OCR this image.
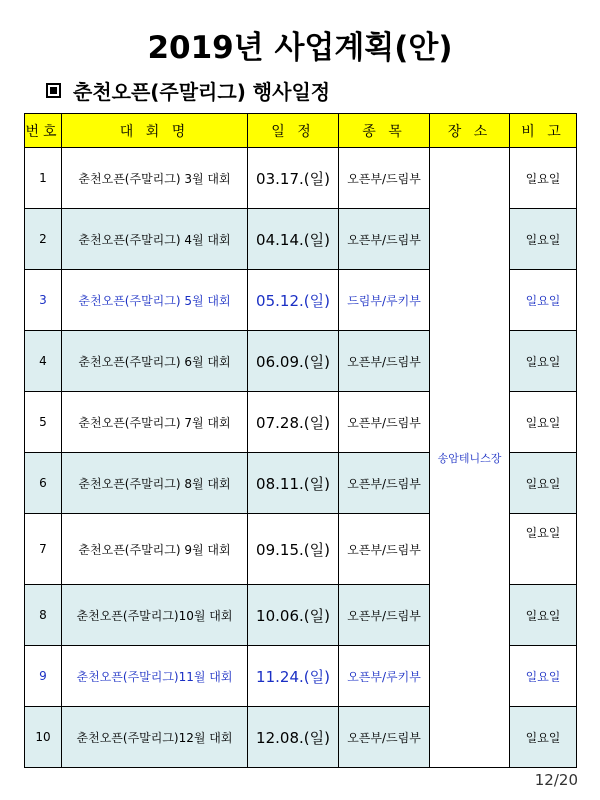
2019년 사업계획(안)
춘천오픈(주말리그) 행사일정
번호	대 회 명	일 정	종 목	장 소	비 고
1	춘천오픈(주말리그) 3월 대회	03.17.(일)	오픈부/드림부	송암테니스장	일요일
2	춘천오픈(주말리그) 4월 대회	04.14.(일)	오픈부/드림부		일요일
3	춘천오픈(주말리그) 5월 대회	05.12.(일)	드림부/루키부		일요일
4	춘천오픈(주말리그) 6월 대회	06.09.(일)	오픈부/드림부		일요일
5	춘천오픈(주말리그) 7월 대회	07.28.(일)	오픈부/드림부		일요일
6	춘천오픈(주말리그) 8월 대회	08.11.(일)	오픈부/드림부		일요일
7	춘천오픈(주말리그) 9월 대회	09.15.(일)	오픈부/드림부		일요일
8	춘천오픈(주말리그)10월 대회	10.06.(일)	오픈부/드림부		일요일
9	춘천오픈(주말리그)11월 대회	11.24.(일)	오픈부/루키부		일요일
10	춘천오픈(주말리그)12월 대회	12.08.(일)	오픈부/드림부		일요일
12/20
